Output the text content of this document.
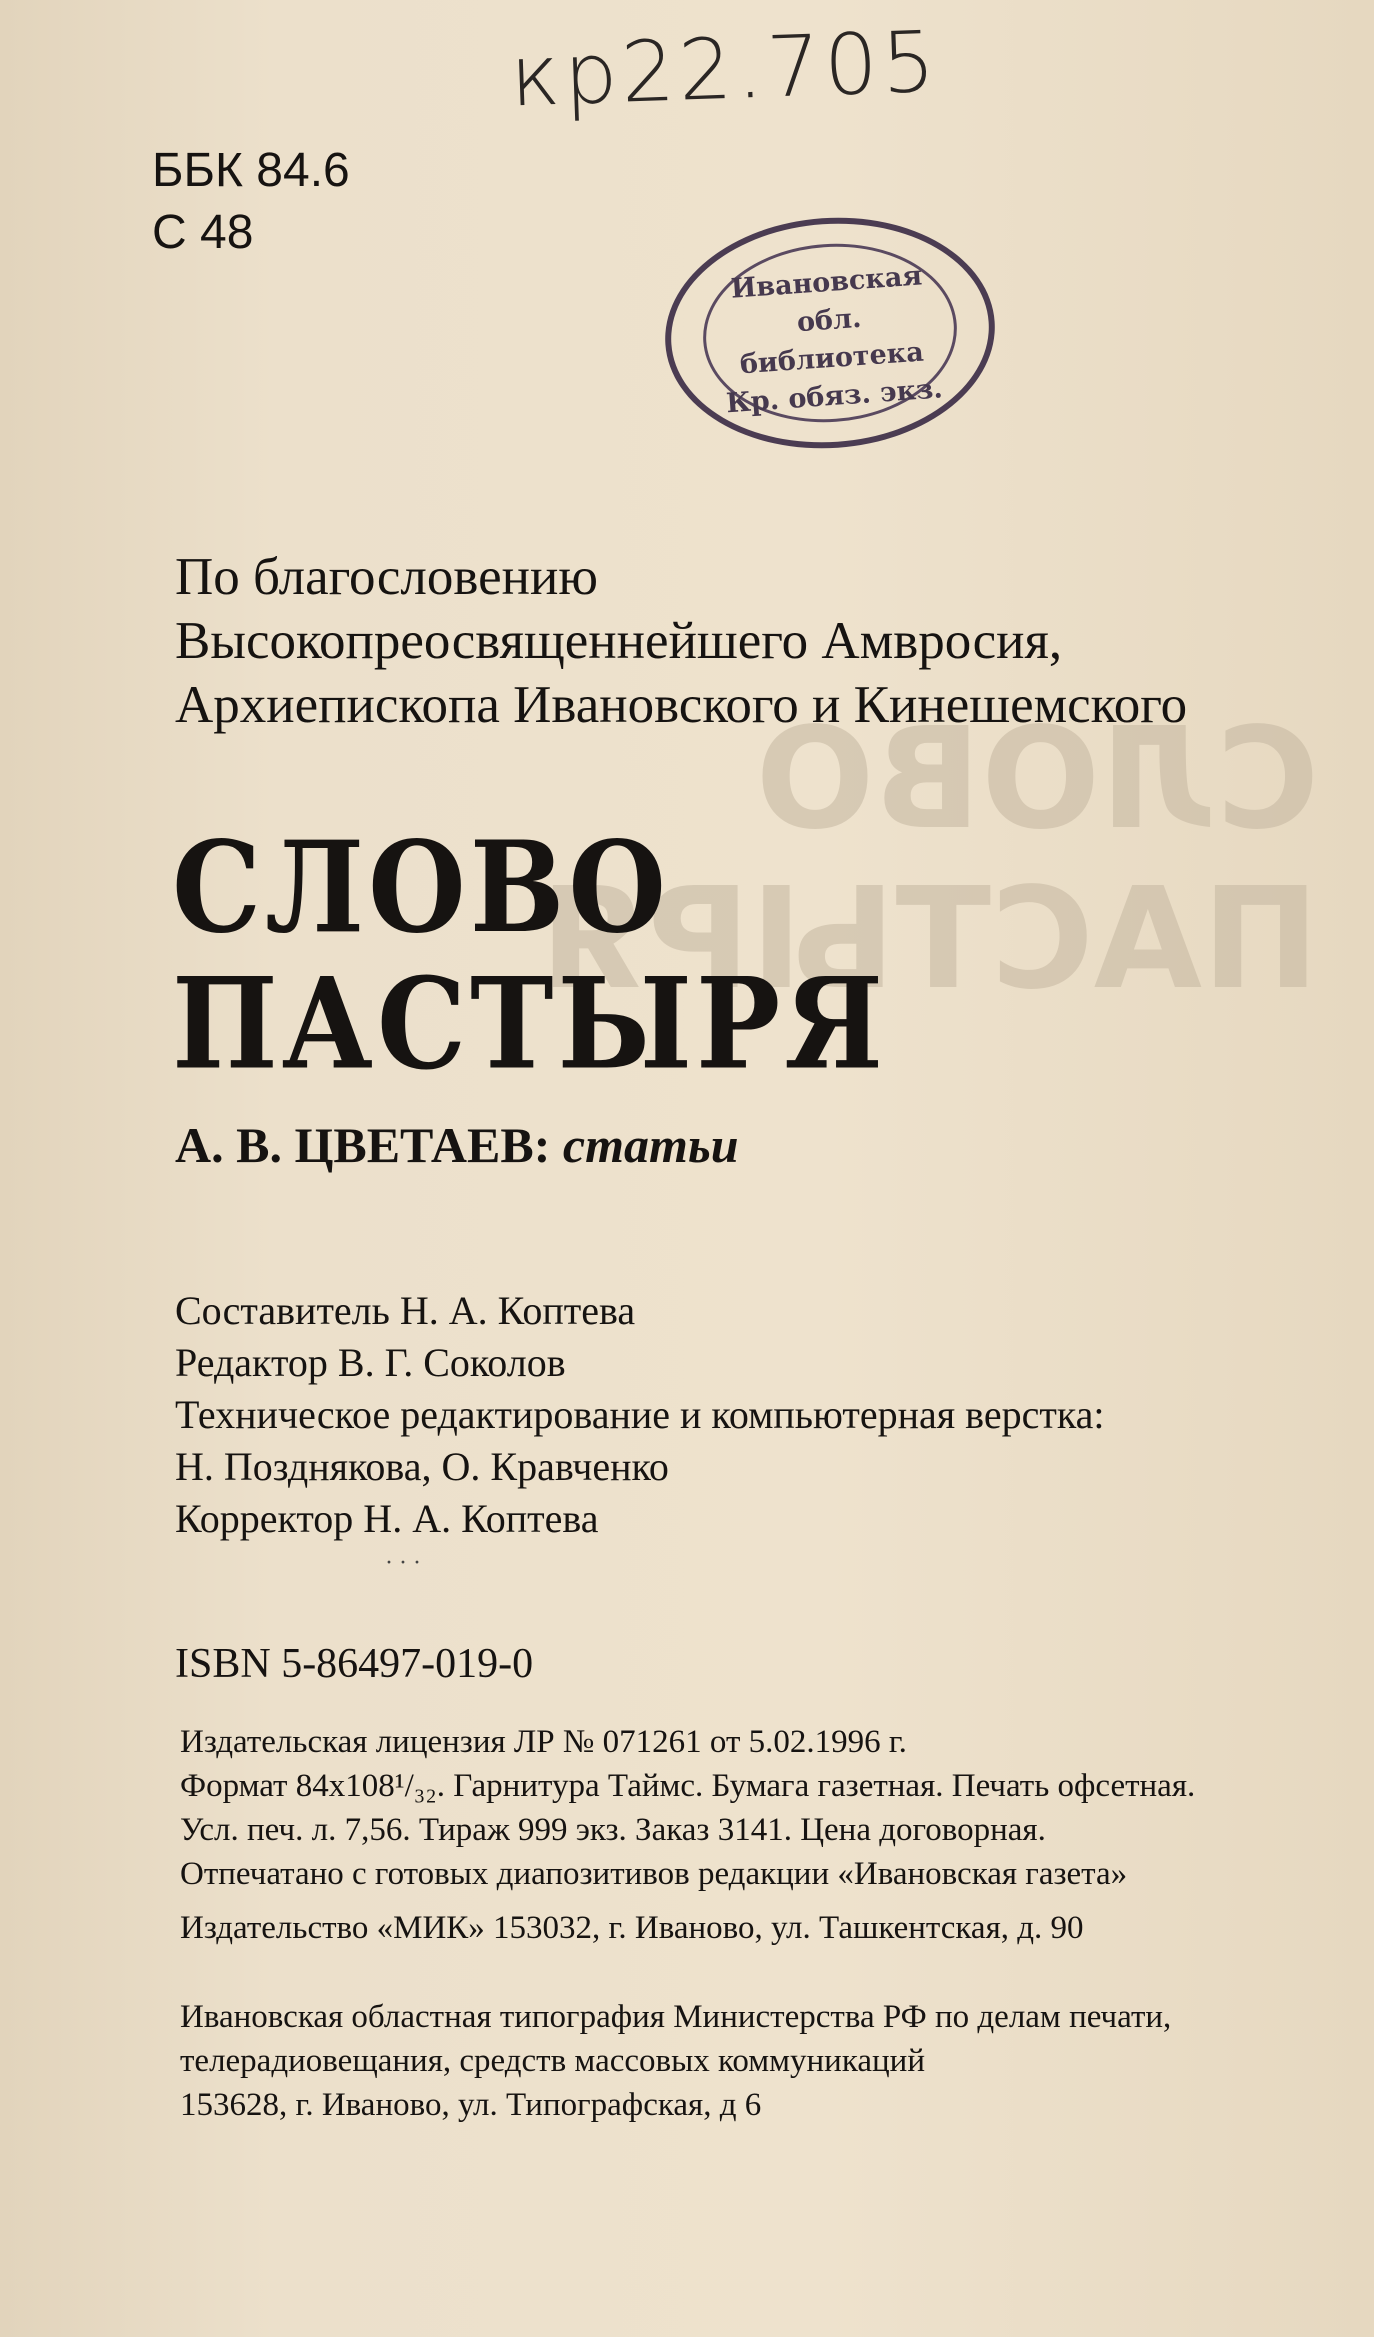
кр22.705
ББК 84.6
С 48
Ивановская
обл.
библиотека
Кр. обяз. экз.
СЛОВО
ПАСТЫРЯ
По благословению
Высокопреосвященнейшего Амвросия,
Архиепископа Ивановского и Кинешемского
СЛОВО
ПАСТЫРЯ
А. В. ЦВЕТАЕВ: статьи
Составитель Н. А. Коптева
Редактор В. Г. Соколов
Техническое редактирование и компьютерная верстка:
Н. Позднякова, О. Кравченко
Корректор Н. А. Коптева
· · ·
ISBN 5-86497-019-0
Издательская лицензия ЛР № 071261 от 5.02.1996 г.
Формат 84х108¹/₃₂. Гарнитура Таймс. Бумага газетная. Печать офсетная.
Усл. печ. л. 7,56. Тираж 999 экз. Заказ 3141. Цена договорная.
Отпечатано с готовых диапозитивов редакции «Ивановская газета»
Издательство «МИК» 153032, г. Иваново, ул. Ташкентская, д. 90
Ивановская областная типография Министерства РФ по делам печати,
телерадиовещания, средств массовых коммуникаций
153628, г. Иваново, ул. Типографская, д 6
